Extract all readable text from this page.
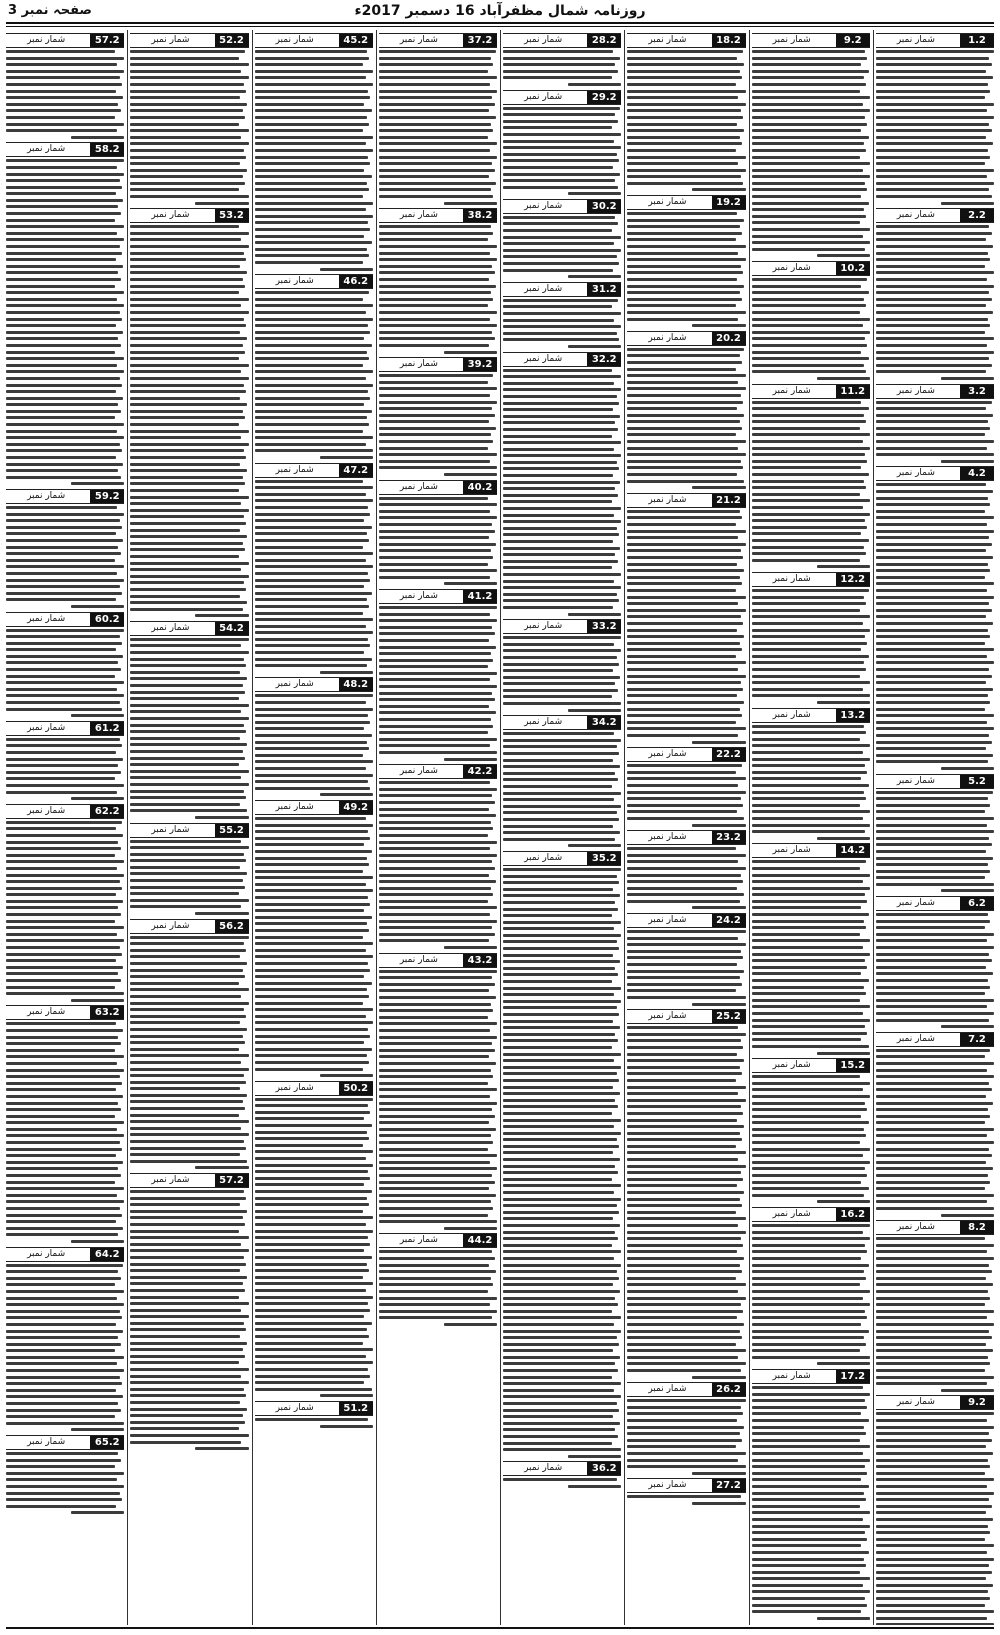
روزنامہ شمال مظفرآباد 16 دسمبر 2017ء
صفحہ نمبر 3
شمار نمبر	1.2
شمار نمبر	2.2
شمار نمبر	3.2
شمار نمبر	4.2
شمار نمبر	5.2
شمار نمبر	6.2
شمار نمبر	7.2
شمار نمبر	8.2
شمار نمبر	9.2
شمار نمبر	9.2
شمار نمبر	10.2
شمار نمبر	11.2
شمار نمبر	12.2
شمار نمبر	13.2
شمار نمبر	14.2
شمار نمبر	15.2
شمار نمبر	16.2
شمار نمبر	17.2
شمار نمبر	18.2
شمار نمبر	19.2
شمار نمبر	20.2
شمار نمبر	21.2
شمار نمبر	22.2
شمار نمبر	23.2
شمار نمبر	24.2
شمار نمبر	25.2
شمار نمبر	26.2
شمار نمبر	27.2
شمار نمبر	28.2
شمار نمبر	29.2
شمار نمبر	30.2
شمار نمبر	31.2
شمار نمبر	32.2
شمار نمبر	33.2
شمار نمبر	34.2
شمار نمبر	35.2
شمار نمبر	36.2
شمار نمبر	37.2
شمار نمبر	38.2
شمار نمبر	39.2
شمار نمبر	40.2
شمار نمبر	41.2
شمار نمبر	42.2
شمار نمبر	43.2
شمار نمبر	44.2
شمار نمبر	45.2
شمار نمبر	46.2
شمار نمبر	47.2
شمار نمبر	48.2
شمار نمبر	49.2
شمار نمبر	50.2
شمار نمبر	51.2
شمار نمبر	52.2
شمار نمبر	53.2
شمار نمبر	54.2
شمار نمبر	55.2
شمار نمبر	56.2
شمار نمبر	57.2
شمار نمبر	57.2
شمار نمبر	58.2
شمار نمبر	59.2
شمار نمبر	60.2
شمار نمبر	61.2
شمار نمبر	62.2
شمار نمبر	63.2
شمار نمبر	64.2
شمار نمبر	65.2
